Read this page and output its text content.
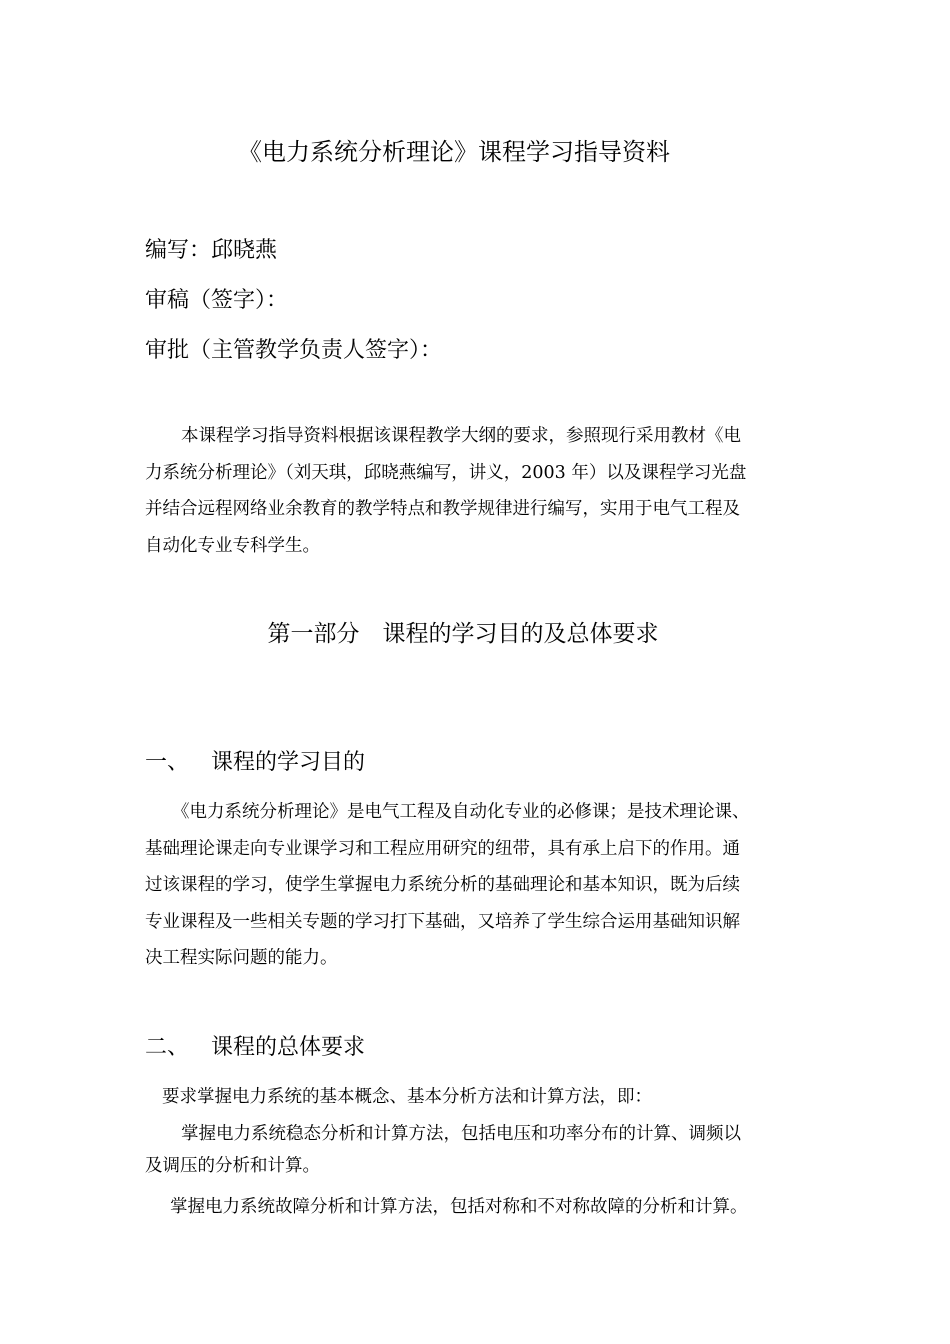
《电力系统分析理论》课程学习指导资料
编写：邱晓燕
审稿（签字）：
审批（主管教学负责人签字）：
本课程学习指导资料根据该课程教学大纲的要求，参照现行采用教材《电
力系统分析理论》（刘天琪，邱晓燕编写，讲义，2003 年）以及课程学习光盘
并结合远程网络业余教育的教学特点和教学规律进行编写，实用于电气工程及
自动化专业专科学生。
第一部分　课程的学习目的及总体要求
一、 课程的学习目的
《电力系统分析理论》是电气工程及自动化专业的必修课；是技术理论课、
基础理论课走向专业课学习和工程应用研究的纽带，具有承上启下的作用。通
过该课程的学习，使学生掌握电力系统分析的基础理论和基本知识，既为后续
专业课程及一些相关专题的学习打下基础，又培养了学生综合运用基础知识解
决工程实际问题的能力。
二、 课程的总体要求
要求掌握电力系统的基本概念、基本分析方法和计算方法，即：
掌握电力系统稳态分析和计算方法，包括电压和功率分布的计算、调频以
及调压的分析和计算。
掌握电力系统故障分析和计算方法，包括对称和不对称故障的分析和计算。
